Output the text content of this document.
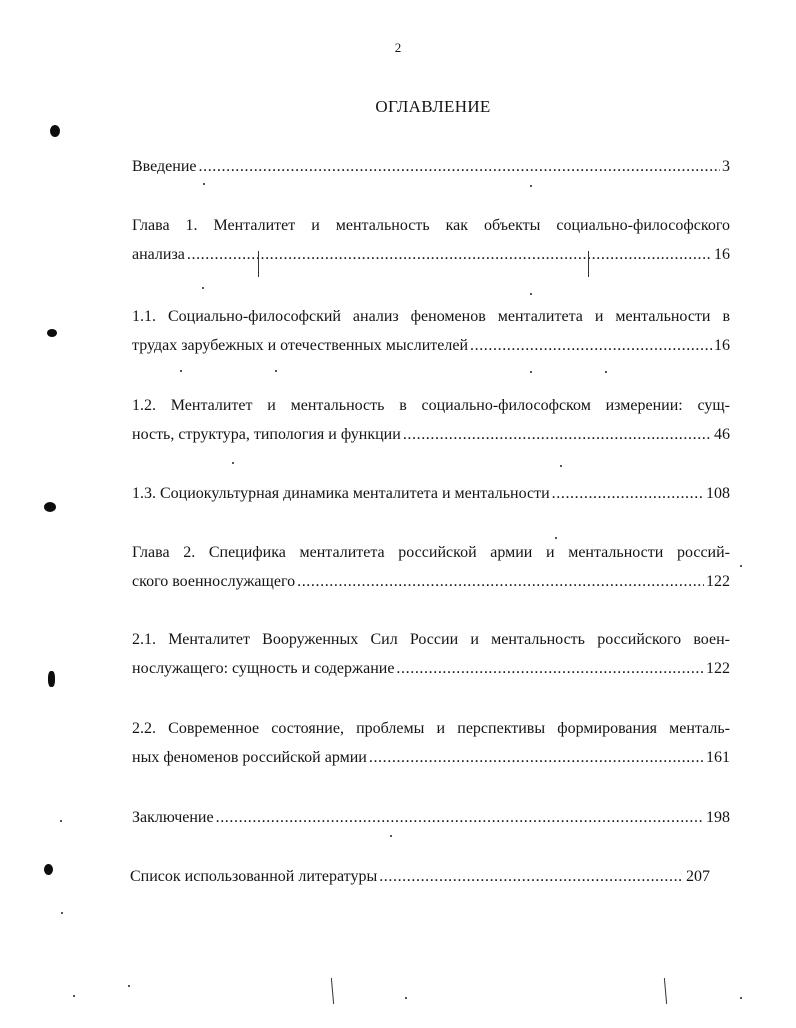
2
ОГЛАВЛЕНИЕ
Введение .....	3
Глава 1. Менталитет и ментальность как объекты социально-философского
анализа .....	16
1.1. Социально-философский анализ феноменов менталитета и ментальности в
трудах зарубежных и отечественных мыслителей .....	16
1.2. Менталитет и ментальность в социально-философском измерении: сущ-
ность, структура, типология и функции .....	46
1.3. Социокультурная динамика менталитета и ментальности .....	108
Глава 2. Специфика менталитета российской армии и ментальности россий-
ского военнослужащего .....	122
2.1. Менталитет Вооруженных Сил России и ментальность российского воен-
нослужащего: сущность и содержание .....	122
2.2. Современное состояние, проблемы и перспективы формирования менталь-
ных феноменов российской армии .....	161
Заключение .....	198
Список использованной литературы .....	207
